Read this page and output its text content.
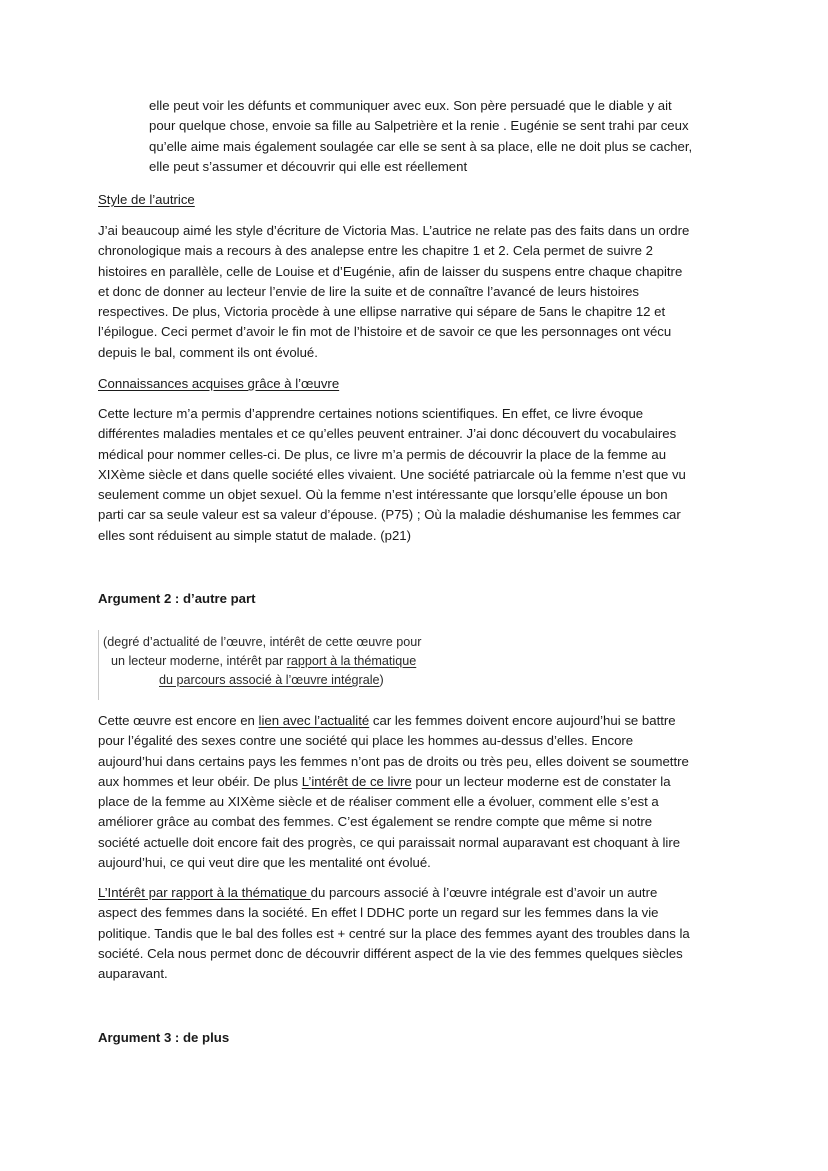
elle peut voir les défunts et communiquer avec eux. Son père persuadé que le diable y ait

pour quelque chose, envoie sa fille au Salpetrière et la renie . Eugénie se sent trahi par ceux

qu’elle aime mais également soulagée car elle se sent à sa place, elle ne doit plus se cacher,

elle peut s’assumer et découvrir qui elle est réellement

Style de l’autrice

J’ai beaucoup aimé les style d’écriture de Victoria Mas. L’autrice ne relate pas des faits dans un ordre

chronologique mais a recours à des analepse entre les chapitre 1 et 2. Cela permet de suivre 2

histoires en parallèle, celle de Louise et d’Eugénie, afin de laisser du suspens entre chaque chapitre

et donc de donner au lecteur l’envie de lire la suite et de connaître l’avancé de leurs histoires

respectives. De plus, Victoria procède à une ellipse narrative qui sépare de 5ans le chapitre 12 et

l’épilogue. Ceci permet d’avoir le fin mot de l’histoire et de savoir ce que les personnages ont vécu

depuis le bal, comment ils ont évolué.

Connaissances acquises grâce à l’œuvre

Cette lecture m’a permis d’apprendre certaines notions scientifiques. En effet, ce livre évoque

différentes maladies mentales et ce qu’elles peuvent entrainer. J’ai donc découvert du vocabulaires

médical pour nommer celles-ci. De plus, ce livre m’a permis de découvrir la place de la femme au

XIXème siècle et dans quelle société elles vivaient. Une société patriarcale où la femme n’est que vu

seulement comme un objet sexuel. Où la femme n’est intéressante que lorsqu’elle épouse un bon

parti car sa seule valeur est sa valeur d’épouse. (P75) ; Où la maladie déshumanise les femmes car

elles sont réduisent au simple statut de malade. (p21)

Argument 2 : d’autre part

(degré d’actualité de l’œuvre, intérêt de cette œuvre pour
un lecteur moderne, intérêt par rapport à la thématique
du parcours associé à l’œuvre intégrale)

Cette œuvre est encore en lien avec l’actualité car les femmes doivent encore aujourd’hui se battre

pour l’égalité des sexes contre une société qui place les hommes au-dessus d’elles. Encore

aujourd’hui dans certains pays les femmes n’ont pas de droits ou très peu, elles doivent se soumettre

aux hommes et leur obéir. De plus L’intérêt de ce livre pour un lecteur moderne est de constater la

place de la femme au XIXème siècle et de réaliser comment elle a évoluer, comment elle s’est a

améliorer grâce au combat des femmes. C’est également se rendre compte que même si notre

société actuelle doit encore fait des progrès, ce qui paraissait normal auparavant est choquant à lire

aujourd’hui, ce qui veut dire que les mentalité ont évolué.

L’Intérêt par rapport à la thématique du parcours associé à l’œuvre intégrale est d’avoir un autre

aspect des femmes dans la société. En effet l DDHC porte un regard sur les femmes dans la vie

politique. Tandis que le bal des folles est + centré sur la place des femmes ayant des troubles dans la

société. Cela nous permet donc de découvrir différent aspect de la vie des femmes quelques siècles

auparavant.

Argument 3 : de plus
